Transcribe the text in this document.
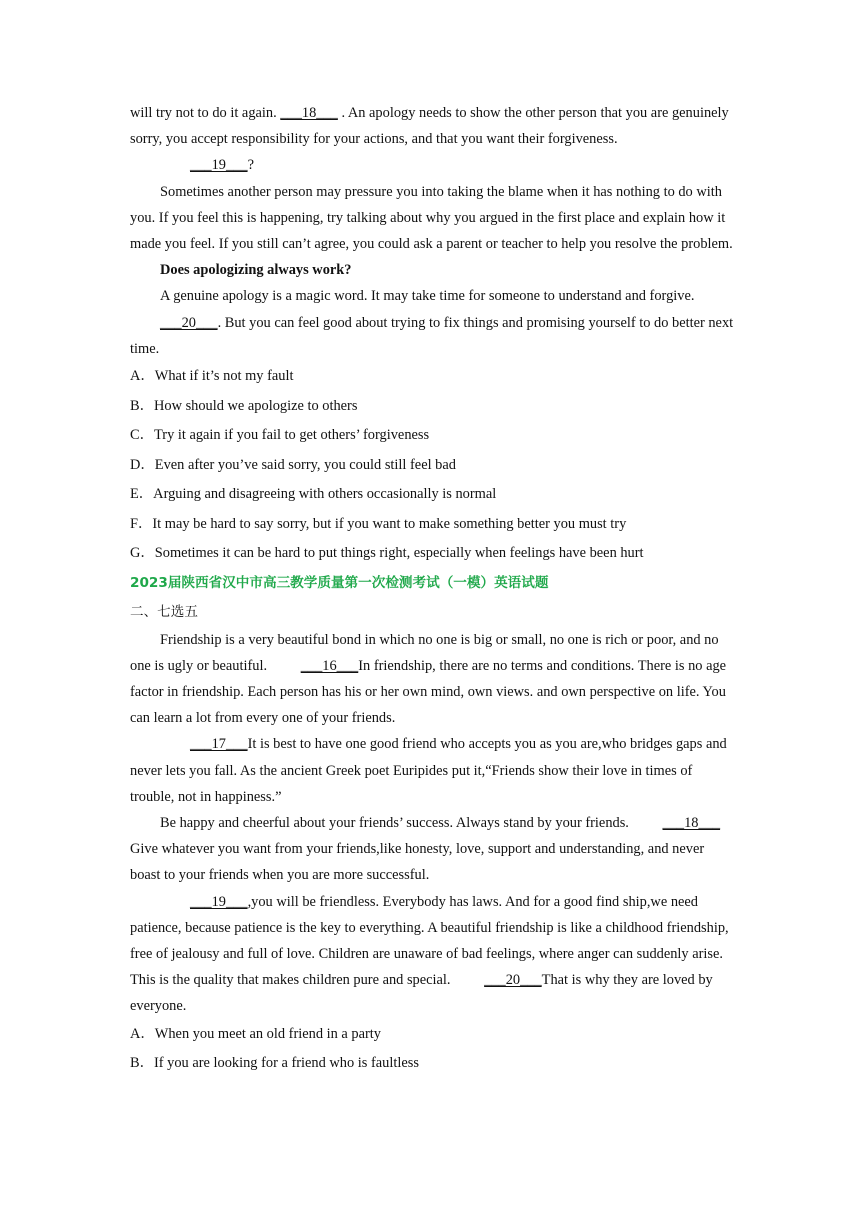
will try not to do it again. ___18___ . An apology needs to show the other person that you are genuinely sorry, you accept responsibility for your actions, and that you want their forgiveness.

___19___?

Sometimes another person may pressure you into taking the blame when it has nothing to do with you. If you feel this is happening, try talking about why you argued in the first place and explain how it made you feel. If you still can’t agree, you could ask a parent or teacher to help you resolve the problem.

Does apologizing always work?

A genuine apology is a magic word. It may take time for someone to understand and forgive. ___20___. But you can feel good about trying to fix things and promising yourself to do better next time.

A．What if it’s not my fault

B．How should we apologize to others

C．Try it again if you fail to get others’ forgiveness

D．Even after you’ve said sorry, you could still feel bad

E．Arguing and disagreeing with others occasionally is normal

F．It may be hard to say sorry, but if you want to make something better you must try

G．Sometimes it can be hard to put things right, especially when feelings have been hurt

2023届陕西省汉中市高三教学质量第一次检测考试（一模）英语试题

二、七选五

Friendship is a very beautiful bond in which no one is big or small, no one is rich or poor, and no one is ugly or beautiful. ___16___In friendship, there are no terms and conditions. There is no age factor in friendship. Each person has his or her own mind, own views. and own perspective on life. You can learn a lot from every one of your friends.

___17___It is best to have one good friend who accepts you as you are,who bridges gaps and never lets you fall. As the ancient Greek poet Euripides put it,“Friends show their love in times of trouble, not in happiness.”

Be happy and cheerful about your friends’ success. Always stand by your friends. ___18___Give whatever you want from your friends,like honesty, love, support and understanding, and never boast to your friends when you are more successful.

___19___,you will be friendless. Everybody has laws. And for a good find ship,we need patience, because patience is the key to everything. A beautiful friendship is like a childhood friendship, free of jealousy and full of love. Children are unaware of bad feelings, where anger can suddenly arise. This is the quality that makes children pure and special. ___20___That is why they are loved by everyone.

A．When you meet an old friend in a party

B．If you are looking for a friend who is faultless
